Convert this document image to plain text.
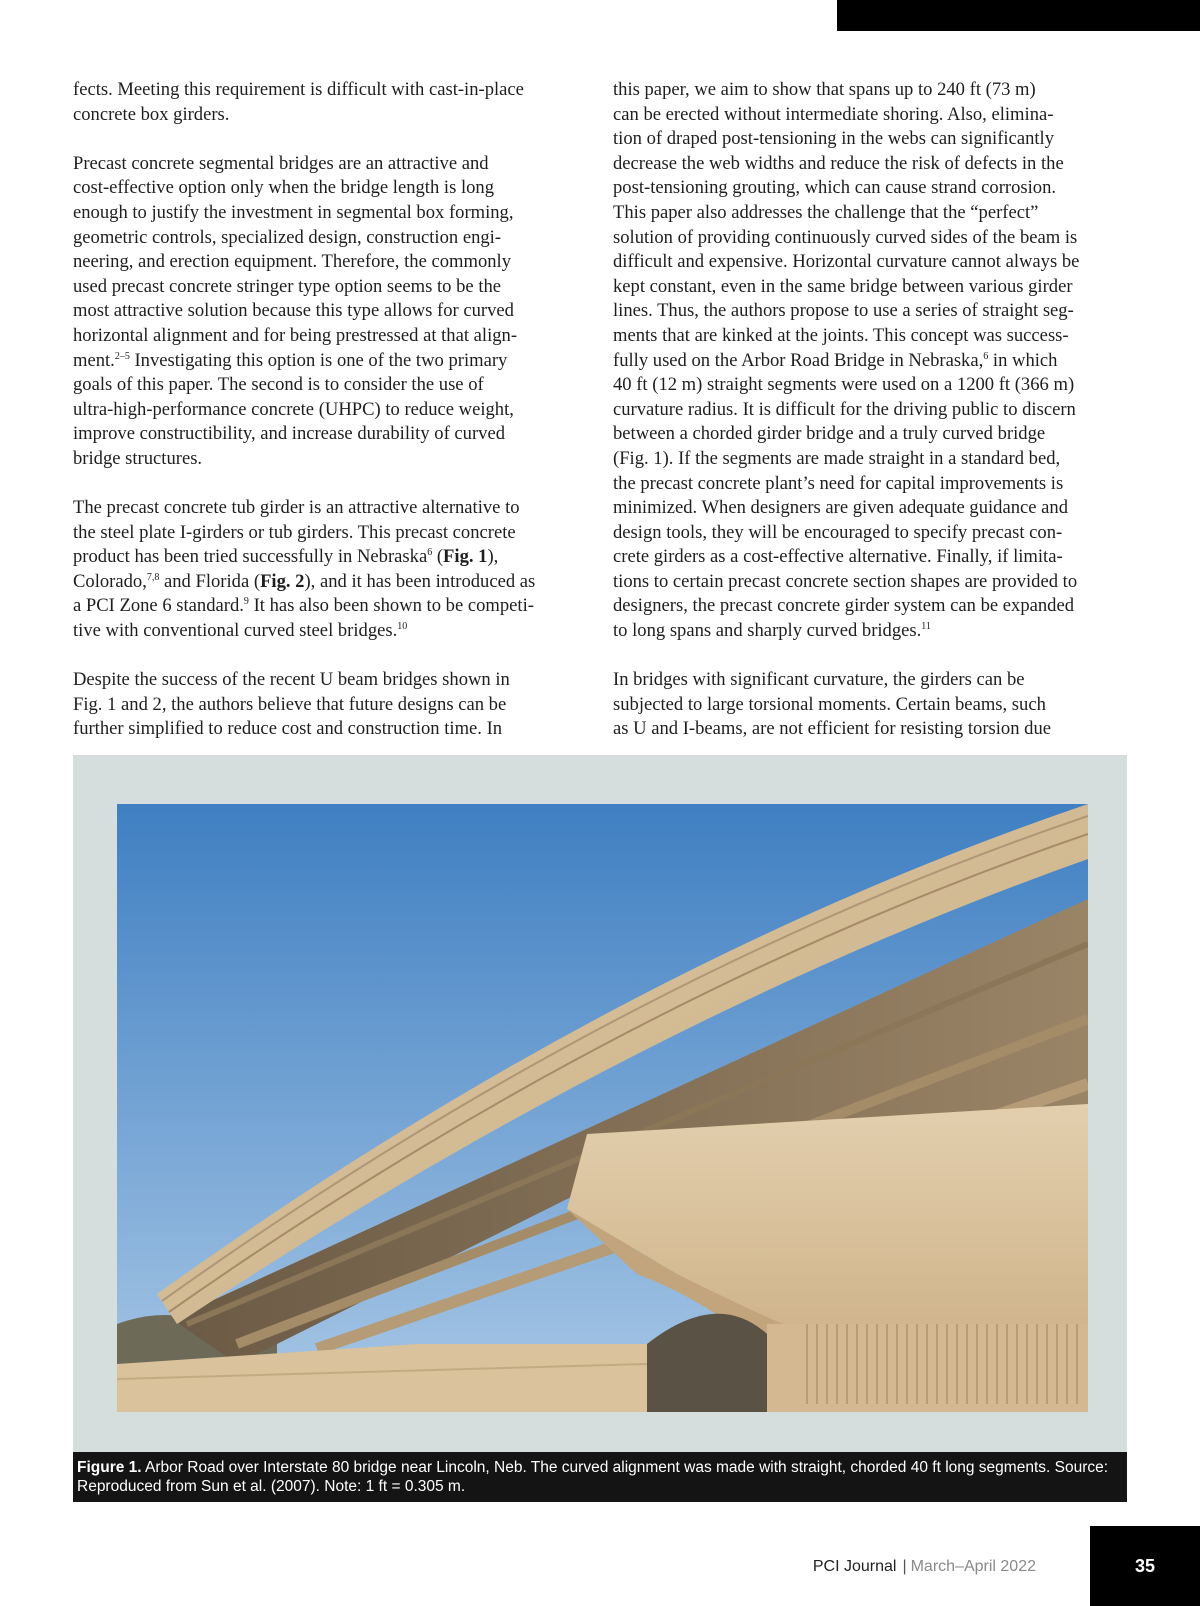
fects. Meeting this requirement is difficult with cast-in-place
concrete box girders.

Precast concrete segmental bridges are an attractive and
cost-effective option only when the bridge length is long
enough to justify the investment in segmental box forming,
geometric controls, specialized design, construction engi-
neering, and erection equipment. Therefore, the commonly
used precast concrete stringer type option seems to be the
most attractive solution because this type allows for curved
horizontal alignment and for being prestressed at that align-
ment.$^{2-5}$ Investigating this option is one of the two primary
goals of this paper. The second is to consider the use of
ultra-high-performance concrete (UHPC) to reduce weight,
improve constructibility, and increase durability of curved
bridge structures.

The precast concrete tub girder is an attractive alternative to
the steel plate I-girders or tub girders. This precast concrete
product has been tried successfully in Nebraska$^6$ (Fig. 1),
Colorado,$^{7,8}$ and Florida (Fig. 2), and it has been introduced as
a PCI Zone 6 standard.$^9$ It has also been shown to be competi-
tive with conventional curved steel bridges.$^{10}$

Despite the success of the recent U beam bridges shown in
Fig. 1 and 2, the authors believe that future designs can be
further simplified to reduce cost and construction time. In

this paper, we aim to show that spans up to 240 ft (73 m)
can be erected without intermediate shoring. Also, elimina-
tion of draped post-tensioning in the webs can significantly
decrease the web widths and reduce the risk of defects in the
post-tensioning grouting, which can cause strand corrosion.
This paper also addresses the challenge that the “perfect”
solution of providing continuously curved sides of the beam is
difficult and expensive. Horizontal curvature cannot always be
kept constant, even in the same bridge between various girder
lines. Thus, the authors propose to use a series of straight seg-
ments that are kinked at the joints. This concept was success-
fully used on the Arbor Road Bridge in Nebraska,$^6$ in which
40 ft (12 m) straight segments were used on a 1200 ft (366 m)
curvature radius. It is difficult for the driving public to discern
between a chorded girder bridge and a truly curved bridge
(Fig. 1). If the segments are made straight in a standard bed,
the precast concrete plant’s need for capital improvements is
minimized. When designers are given adequate guidance and
design tools, they will be encouraged to specify precast con-
crete girders as a cost-effective alternative. Finally, if limita-
tions to certain precast concrete section shapes are provided to
designers, the precast concrete girder system can be expanded
to long spans and sharply curved bridges.$^{11}$

In bridges with significant curvature, the girders can be
subjected to large torsional moments. Certain beams, such
as U and I-beams, are not efficient for resisting torsion due

Figure 1. Arbor Road over Interstate 80 bridge near Lincoln, Neb. The curved alignment was made with straight, chorded 40 ft long segments. Source: Reproduced from Sun et al. (2007). Note: 1 ft = 0.305 m.
PCI Journal | March–April 2022	35
